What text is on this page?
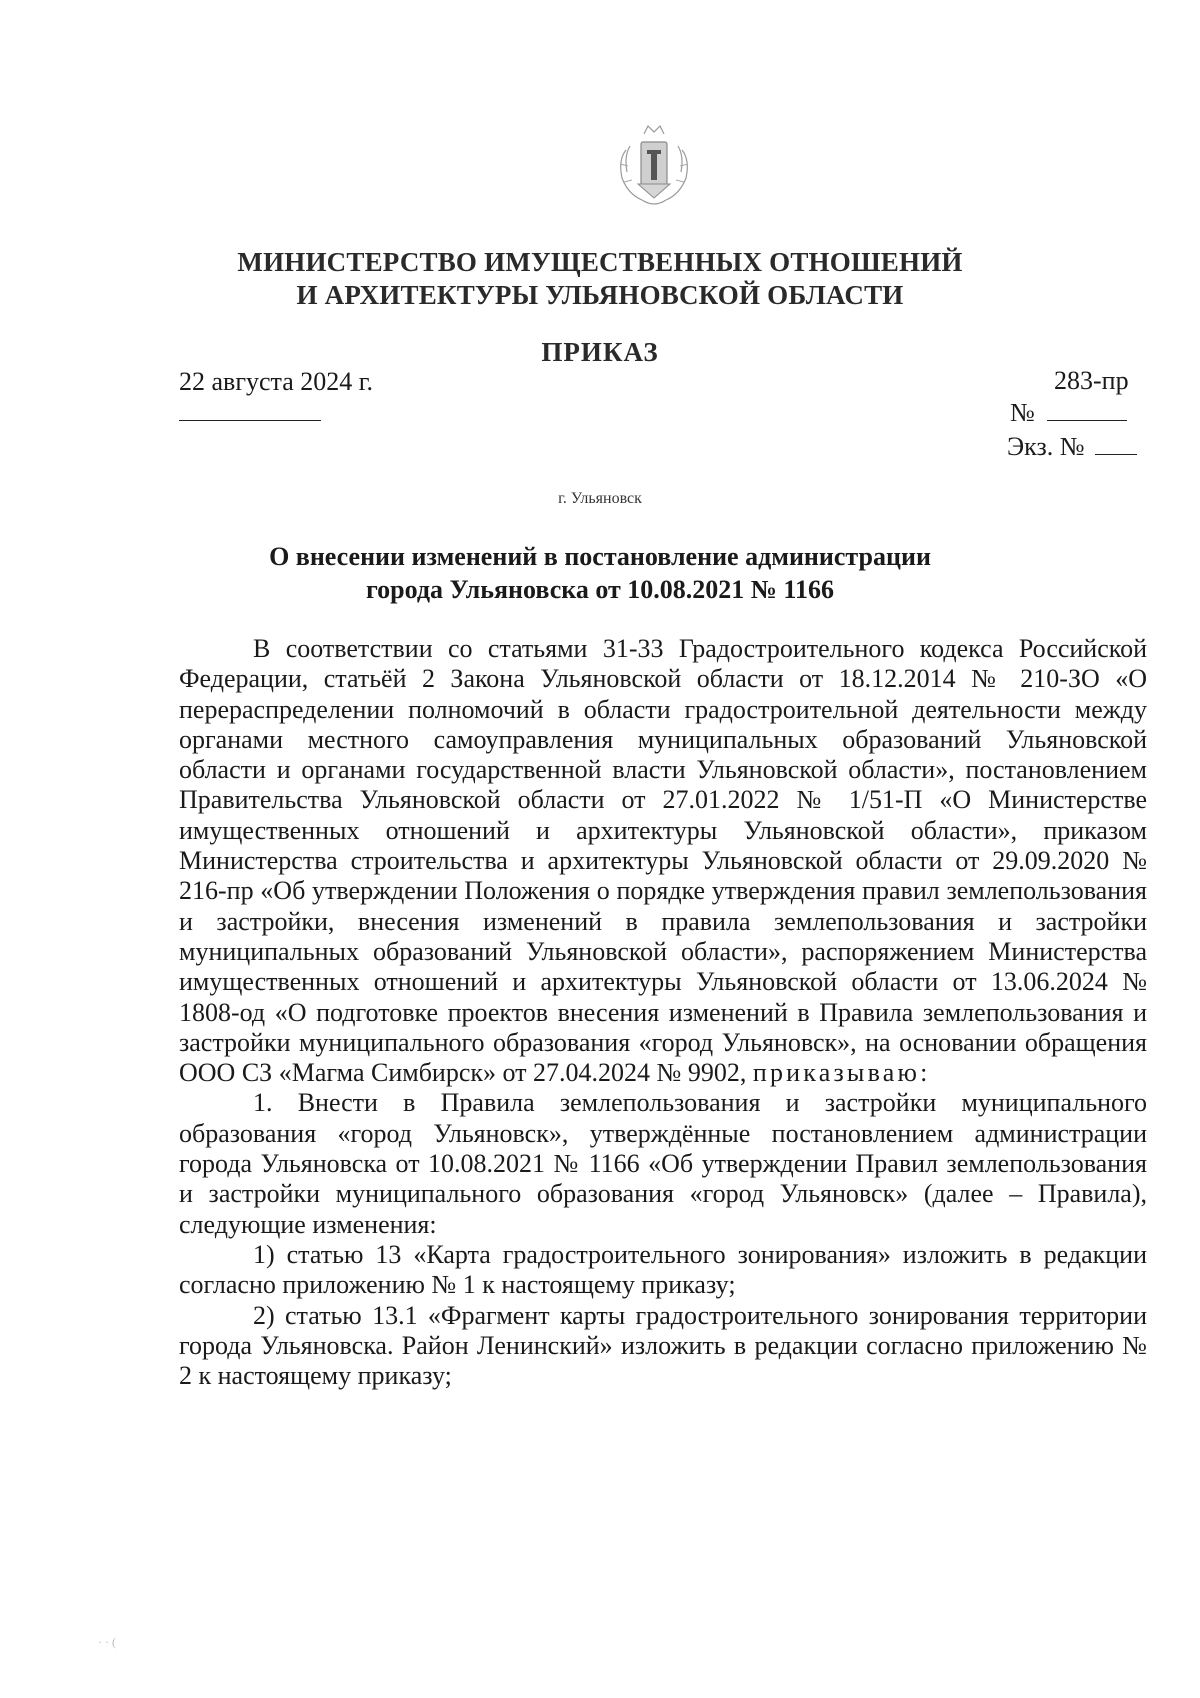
МИНИСТЕРСТВО ИМУЩЕСТВЕННЫХ ОТНОШЕНИЙ
И АРХИТЕКТУРЫ УЛЬЯНОВСКОЙ ОБЛАСТИ
ПРИКАЗ
22 августа 2024 г.	283-пр
№
Экз. №
г. Ульяновск
О внесении изменений в постановление администрации
города Ульяновска от 10.08.2021 № 1166

В соответствии со статьями 31-33 Градостроительного кодекса Российской Федерации, статьёй 2 Закона Ульяновской области от 18.12.2014 № 210-ЗО «О перераспределении полномочий в области градостроительной деятельности между органами местного самоуправления муниципальных образований Ульяновской области и органами государственной власти Ульяновской области», постановлением Правительства Ульяновской области от 27.01.2022 № 1/51-П «О Министерстве имущественных отношений и архитектуры Ульяновской области», приказом Министерства строительства и архитектуры Ульяновской области от 29.09.2020 № 216-пр «Об утверждении Положения о порядке утверждения правил землепользования и застройки, внесения изменений в правила землепользования и застройки муниципальных образований Ульяновской области», распоряжением Министерства имущественных отношений и архитектуры Ульяновской области от 13.06.2024 № 1808-од «О подготовке проектов внесения изменений в Правила землепользования и застройки муниципального образования «город Ульяновск», на основании обращения ООО СЗ «Магма Симбирск» от 27.04.2024 № 9902, приказываю:

1. Внести в Правила землепользования и застройки муниципального образования «город Ульяновск», утверждённые постановлением администрации города Ульяновска от 10.08.2021 № 1166 «Об утверждении Правил землепользования и застройки муниципального образования «город Ульяновск» (далее – Правила), следующие изменения:

1) статью 13 «Карта градостроительного зонирования» изложить в редакции согласно приложению № 1 к настоящему приказу;

2) статью 13.1 «Фрагмент карты градостроительного зонирования территории города Ульяновска. Район Ленинский» изложить в редакции согласно приложению № 2 к настоящему приказу;

· · (
